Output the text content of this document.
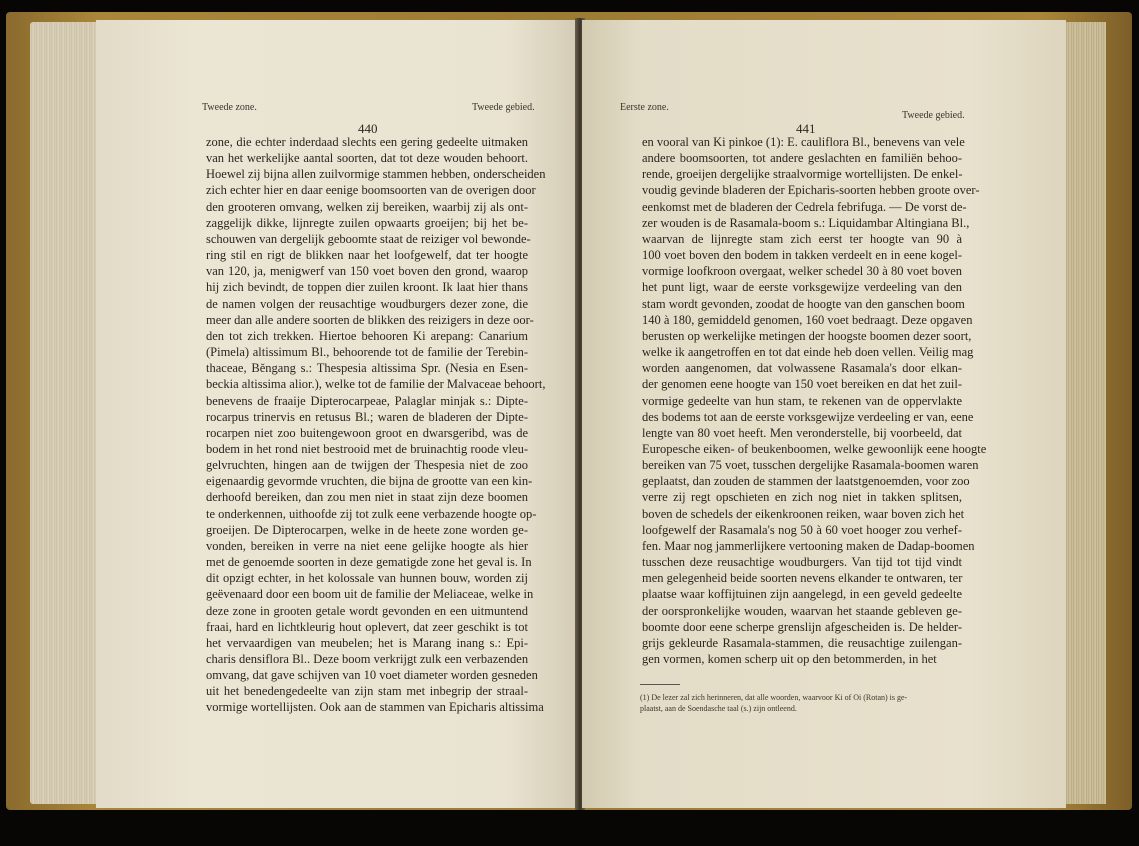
Tweede zone.
440
Tweede gebied.
zone, die echter inderdaad slechts een gering gedeelte uitmaken
van het werkelijke aantal soorten, dat tot deze wouden behoort.
Hoewel zij bijna allen zuilvormige stammen hebben, onderscheiden
zich echter hier en daar eenige boomsoorten van de overigen door
den grooteren omvang, welken zij bereiken, waarbij zij als ont-
zaggelijk dikke, lijnregte zuilen opwaarts groeijen; bij het be-
schouwen van dergelijk geboomte staat de reiziger vol bewonde-
ring stil en rigt de blikken naar het loofgewelf, dat ter hoogte
van 120, ja, menigwerf van 150 voet boven den grond, waarop
hij zich bevindt, de toppen dier zuilen kroont. Ik laat hier thans
de namen volgen der reusachtige woudburgers dezer zone, die
meer dan alle andere soorten de blikken des reizigers in deze oor-
den tot zich trekken. Hiertoe behooren Ki arepang: Canarium
(Pimela) altissimum Bl., behoorende tot de familie der Terebin-
thaceae, Běngang s.: Thespesia altissima Spr. (Nesia en Esen-
beckia altissima alior.), welke tot de familie der Malvaceae behoort,
benevens de fraaije Dipterocarpeae, Palaglar minjak s.: Dipte-
rocarpus trinervis en retusus Bl.; waren de bladeren der Dipte-
rocarpen niet zoo buitengewoon groot en dwarsgeribd, was de
bodem in het rond niet bestrooid met de bruinachtig roode vleu-
gelvruchten, hingen aan de twijgen der Thespesia niet de zoo
eigenaardig gevormde vruchten, die bijna de grootte van een kin-
derhoofd bereiken, dan zou men niet in staat zijn deze boomen
te onderkennen, uithoofde zij tot zulk eene verbazende hoogte op-
groeijen. De Dipterocarpen, welke in de heete zone worden ge-
vonden, bereiken in verre na niet eene gelijke hoogte als hier
met de genoemde soorten in deze gematigde zone het geval is. In
dit opzigt echter, in het kolossale van hunnen bouw, worden zij
geëvenaard door een boom uit de familie der Meliaceae, welke in
deze zone in grooten getale wordt gevonden en een uitmuntend
fraai, hard en lichtkleurig hout oplevert, dat zeer geschikt is tot
het vervaardigen van meubelen; het is Marang inang s.: Epi-
charis densiflora Bl.. Deze boom verkrijgt zulk een verbazenden
omvang, dat gave schijven van 10 voet diameter worden gesneden
uit het benedengedeelte van zijn stam met inbegrip der straal-
vormige wortellijsten. Ook aan de stammen van Epicharis altissima
Eerste zone.
441
Tweede gebied.
en vooral van Ki pinkoe (1): E. cauliflora Bl., benevens van vele
andere boomsoorten, tot andere geslachten en familiën behoo-
rende, groeijen dergelijke straalvormige wortellijsten. De enkel-
voudig gevinde bladeren der Epicharis-soorten hebben groote over-
eenkomst met de bladeren der Cedrela febrifuga. — De vorst de-
zer wouden is de Rasamala-boom s.: Liquidambar Altingiana Bl.,
waarvan de lijnregte stam zich eerst ter hoogte van 90 à
100 voet boven den bodem in takken verdeelt en in eene kogel-
vormige loofkroon overgaat, welker schedel 30 à 80 voet boven
het punt ligt, waar de eerste vorksgewijze verdeeling van den
stam wordt gevonden, zoodat de hoogte van den ganschen boom
140 à 180, gemiddeld genomen, 160 voet bedraagt. Deze opgaven
berusten op werkelijke metingen der hoogste boomen dezer soort,
welke ik aangetroffen en tot dat einde heb doen vellen. Veilig mag
worden aangenomen, dat volwassene Rasamala's door elkan-
der genomen eene hoogte van 150 voet bereiken en dat het zuil-
vormige gedeelte van hun stam, te rekenen van de oppervlakte
des bodems tot aan de eerste vorksgewijze verdeeling er van, eene
lengte van 80 voet heeft. Men veronderstelle, bij voorbeeld, dat
Europesche eiken- of beukenboomen, welke gewoonlijk eene hoogte
bereiken van 75 voet, tusschen dergelijke Rasamala-boomen waren
geplaatst, dan zouden de stammen der laatstgenoemden, voor zoo
verre zij regt opschieten en zich nog niet in takken splitsen,
boven de schedels der eikenkroonen reiken, waar boven zich het
loofgewelf der Rasamala's nog 50 à 60 voet hooger zou verhef-
fen. Maar nog jammerlijkere vertooning maken de Dadap-boomen
tusschen deze reusachtige woudburgers. Van tijd tot tijd vindt
men gelegenheid beide soorten nevens elkander te ontwaren, ter
plaatse waar koffijtuinen zijn aangelegd, in een geveld gedeelte
der oorspronkelijke wouden, waarvan het staande gebleven ge-
boomte door eene scherpe grenslijn afgescheiden is. De helder-
grijs gekleurde Rasamala-stammen, die reusachtige zuilengan-
gen vormen, komen scherp uit op den betommerden, in het
(1) De lezer zal zich herinneren, dat alle woorden, waarvoor Ki of Oi (Rotan) is ge-
plaatst, aan de Soendasche taal (s.) zijn ontleend.
